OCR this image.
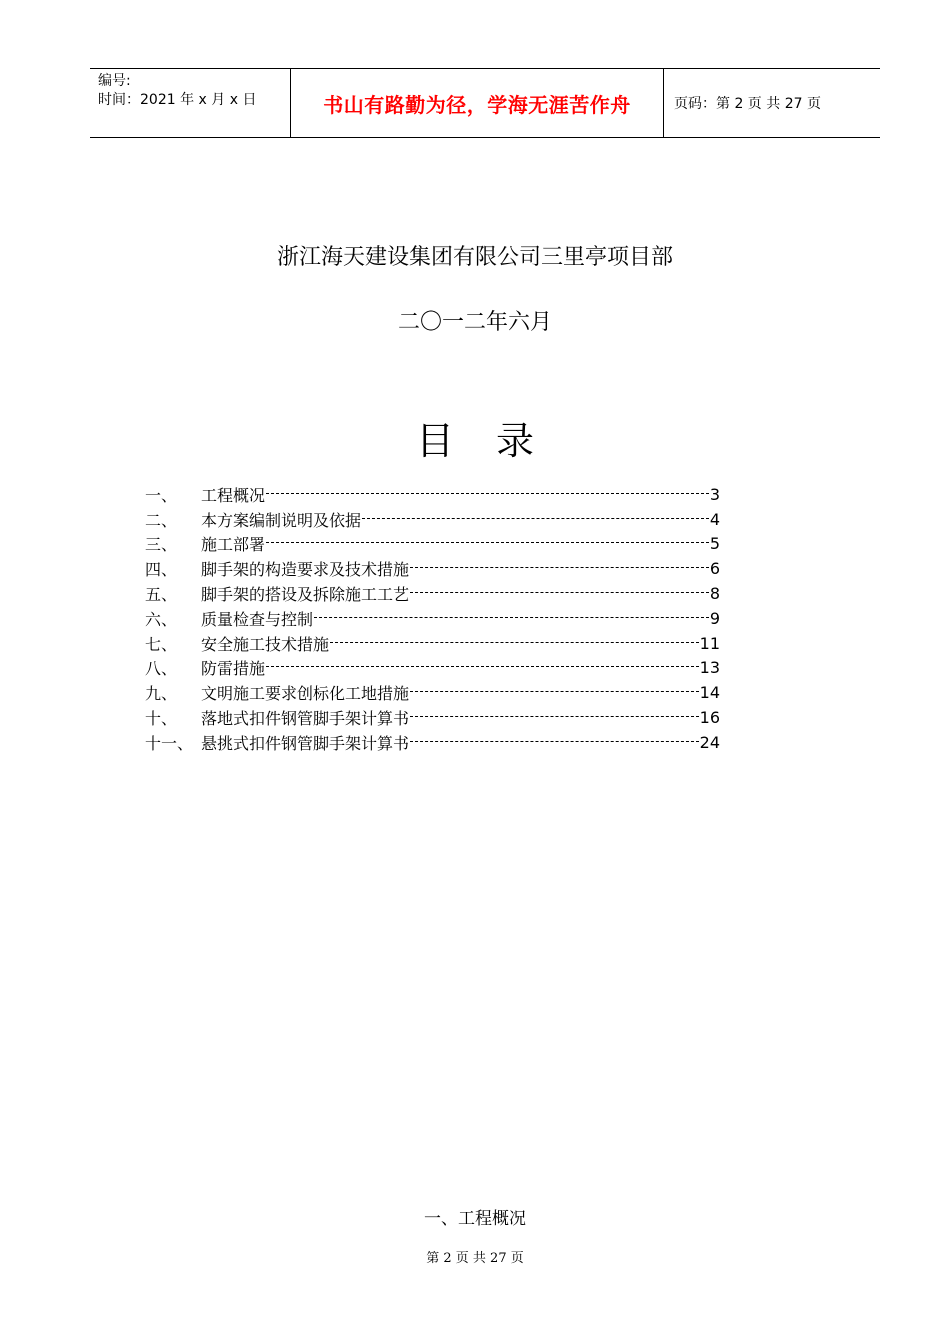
编号:
时间：2021 年 x 月 x 日	书山有路勤为径，学海无涯苦作舟	页码：第 2 页 共 27 页
浙江海天建设集团有限公司三里亭项目部
二〇一二年六月
目录
一、	工程概况	3
二、	本方案编制说明及依据	4
三、	施工部署	5
四、	脚手架的构造要求及技术措施	6
五、	脚手架的搭设及拆除施工工艺	8
六、	质量检查与控制	9
七、	安全施工技术措施	11
八、	防雷措施	13
九、	文明施工要求创标化工地措施	14
十、	落地式扣件钢管脚手架计算书	16
十一、 悬挑式扣件钢管脚手架计算书	24
一、工程概况
第 2 页 共 27 页
